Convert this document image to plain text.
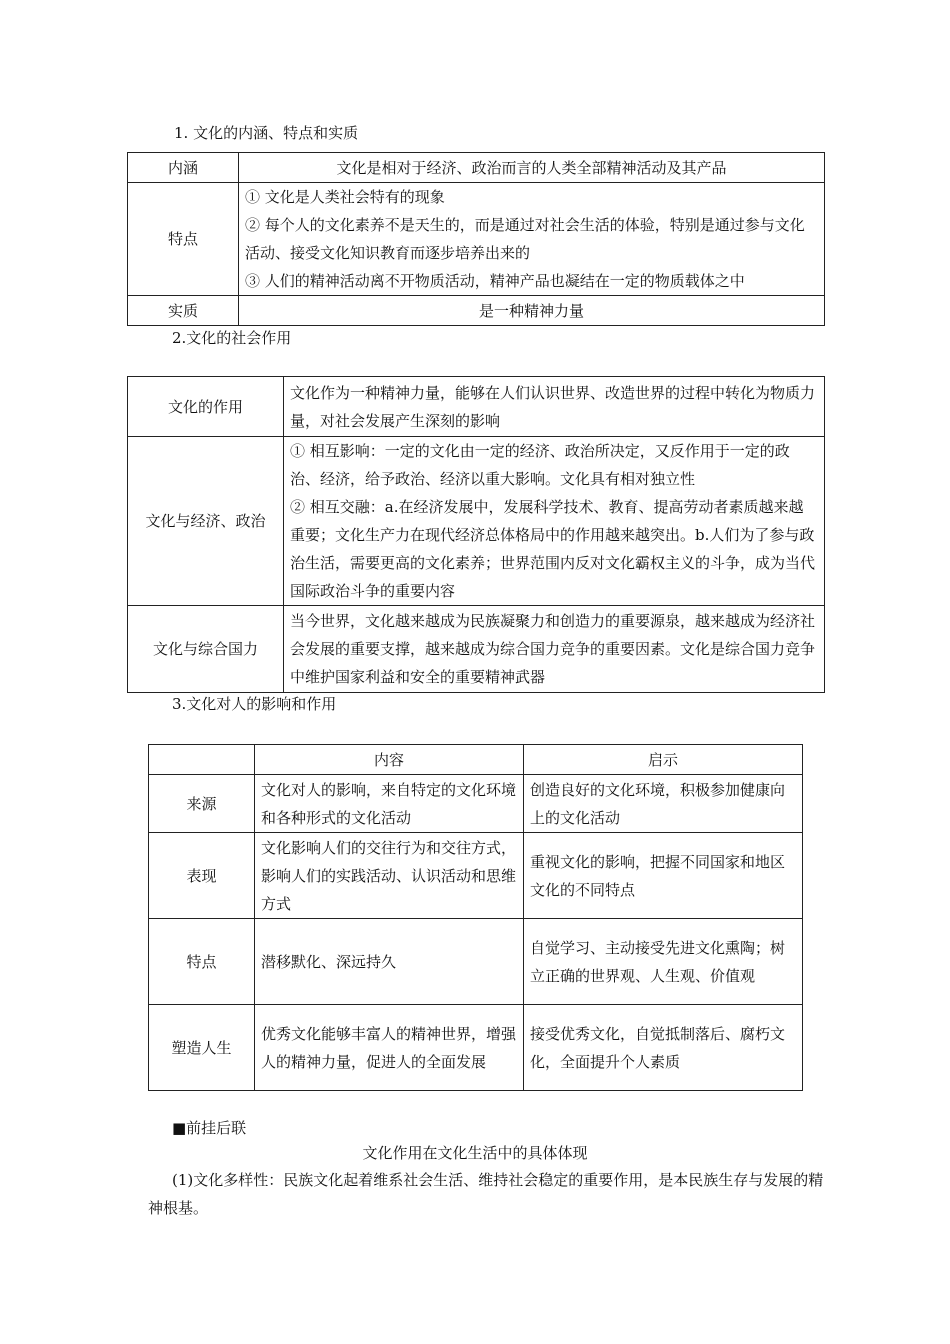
1. 文化的内涵、特点和实质
内涵	文化是相对于经济、政治而言的人类全部精神活动及其产品
特点	① 文化是人类社会特有的现象
② 每个人的文化素养不是天生的，而是通过对社会生活的体验，特别是通过参与文化活动、接受文化知识教育而逐步培养出来的
③ 人们的精神活动离不开物质活动，精神产品也凝结在一定的物质载体之中

实质	是一种精神力量
2.文化的社会作用
文化的作用	文化作为一种精神力量，能够在人们认识世界、改造世界的过程中转化为物质力量，对社会发展产生深刻的影响
文化与经济、政治	① 相互影响：一定的文化由一定的经济、政治所决定，又反作用于一定的政治、经济，给予政治、经济以重大影响。文化具有相对独立性
② 相互交融：a.在经济发展中，发展科学技术、教育、提高劳动者素质越来越重要；文化生产力在现代经济总体格局中的作用越来越突出。b.人们为了参与政治生活，需要更高的文化素养；世界范围内反对文化霸权主义的斗争，成为当代国际政治斗争的重要内容

文化与综合国力	当今世界，文化越来越成为民族凝聚力和创造力的重要源泉，越来越成为经济社会发展的重要支撑，越来越成为综合国力竞争的重要因素。文化是综合国力竞争中维护国家利益和安全的重要精神武器
3.文化对人的影响和作用
	内容	启示
来源	文化对人的影响，来自特定的文化环境和各种形式的文化活动	创造良好的文化环境，积极参加健康向上的文化活动
表现	文化影响人们的交往行为和交往方式，影响人们的实践活动、认识活动和思维方式	重视文化的影响，把握不同国家和地区文化的不同特点
特点	潜移默化、深远持久	自觉学习、主动接受先进文化熏陶；树立正确的世界观、人生观、价值观
塑造人生	优秀文化能够丰富人的精神世界，增强人的精神力量，促进人的全面发展	接受优秀文化，自觉抵制落后、腐朽文化，全面提升个人素质
■前挂后联
文化作用在文化生活中的具体体现

(1)文化多样性：民族文化起着维系社会生活、维持社会稳定的重要作用，是本民族生存与发展的精神根基。
